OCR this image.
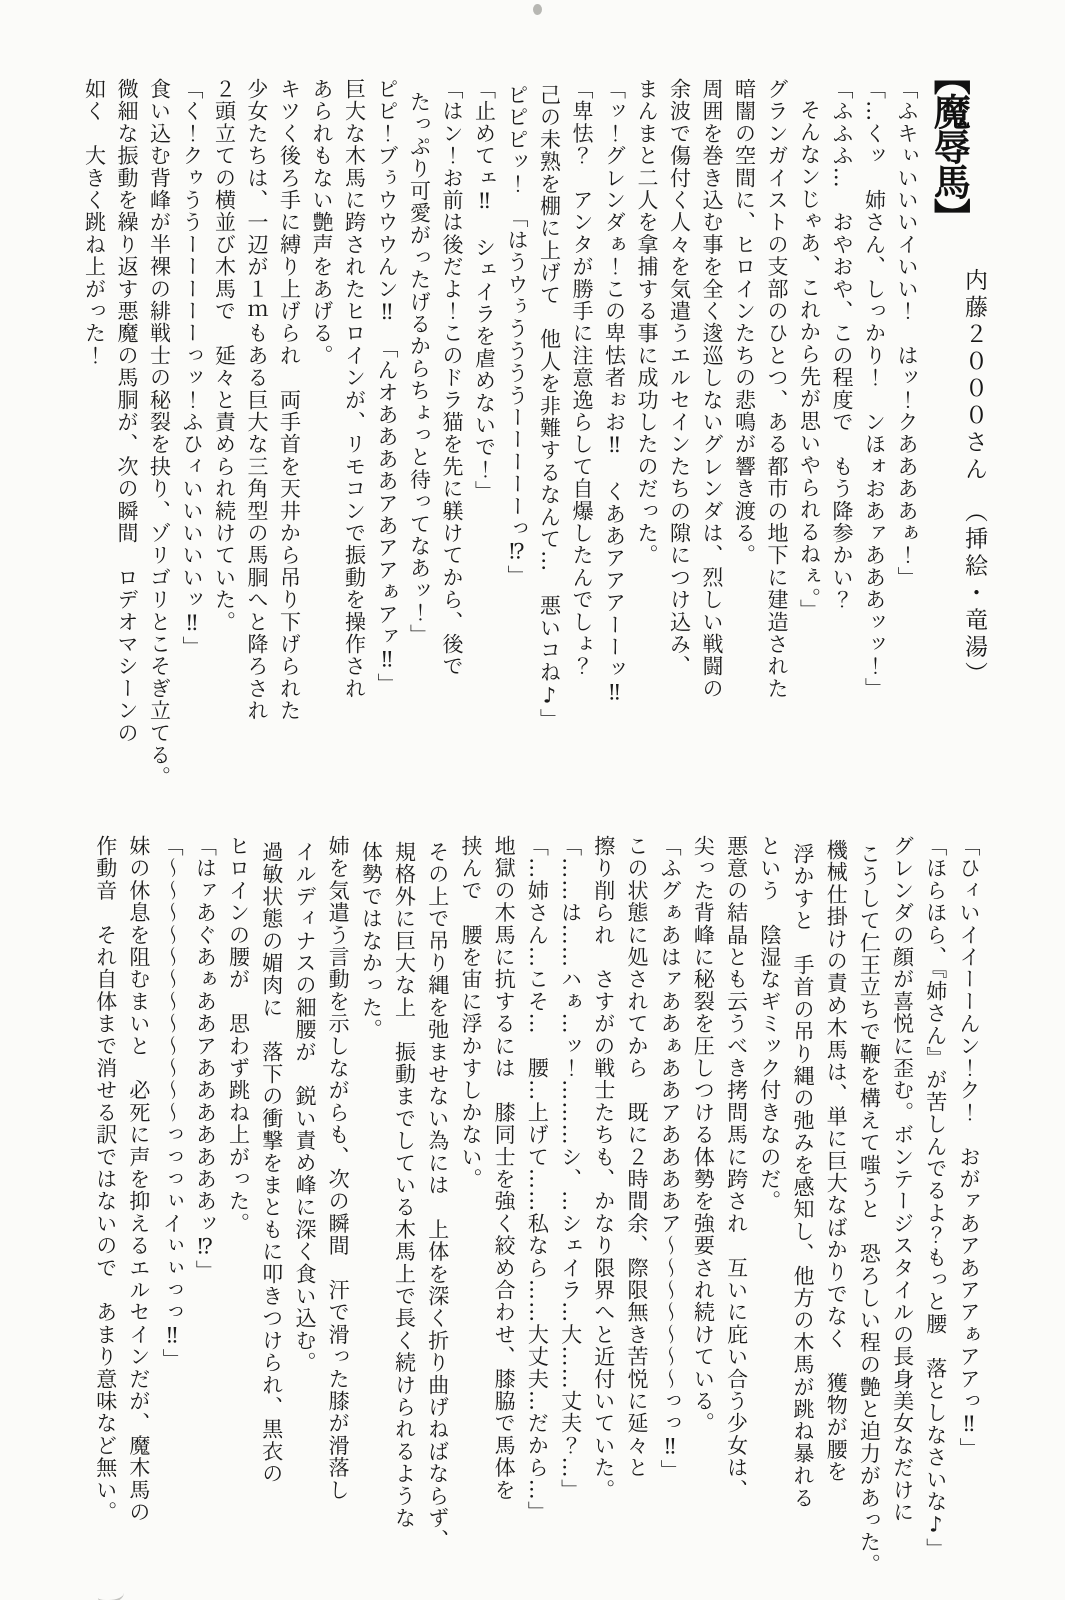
【魔辱馬】
内藤２０００さん　（挿絵・竜湯）

「ふキぃいいいイいい！　はッ！クああああぁ！」

「…くッ　姉さん、しっかり！　ンほォおあァあああッッ！」

「ふふふ…　おやおや、この程度で　もう降参かい？

そんなンじゃあ、これから先が思いやられるねぇ。」

グランガイストの支部のひとつ、ある都市の地下に建造された

暗闇の空間に、ヒロインたちの悲鳴が響き渡る。

周囲を巻き込む事を全く逡巡しないグレンダは、烈しい戦闘の

余波で傷付く人々を気遣うエルセインたちの隙につけ込み、

まんまと二人を拿捕する事に成功したのだった。

「ッ！グレンダぁ！この卑怯者ぉお‼　くああアアアーーッ‼

「卑怯？　アンタが勝手に注意逸らして自爆したんでしょ？

己の未熟を棚に上げて　他人を非難するなんて…　悪いコね♪」

ピピピッ！　「はうウぅううううーーーーーっ⁉」

「止めてェ‼　シェイラを虐めないで！」

「はン！お前は後だよ！このドラ猫を先に躾けてから、後で

たっぷり可愛がったげるからちょっと待ってなあッ！」

ピピ！ブぅウウウんン‼　「んオああああアあアアぁアァ‼」

巨大な木馬に跨されたヒロインが、リモコンで振動を操作され

あられもない艶声をあげる。

キツく後ろ手に縛り上げられ　両手首を天井から吊り下げられた

少女たちは、一辺が１ｍもある巨大な三角型の馬胴へと降ろされ

２頭立ての横並び木馬で　延々と責められ続けていた。

「く！クゥううーーーーーっッ！ふひィいいいいいッ‼」

食い込む背峰が半裸の緋戦士の秘裂を抉り、ゾリゴリとこそぎ立てる。

微細な振動を繰り返す悪魔の馬胴が、次の瞬間　ロデオマシーンの

如く　大きく跳ね上がった！

「ひィいイイーーんン！ク！　おがァあアあアアぁアアっ‼」

「ほらほら、『姉さん』が苦しんでるよ？もっと腰　落としなさいな♪」

グレンダの顔が喜悦に歪む。ボンテージスタイルの長身美女なだけに

こうして仁王立ちで鞭を構えて嗤うと　恐ろしい程の艶と迫力があった。

機械仕掛けの責め木馬は、単に巨大なばかりでなく　獲物が腰を

浮かすと　手首の吊り縄の弛みを感知し、他方の木馬が跳ね暴れる

という　陰湿なギミック付きなのだ。

悪意の結晶とも云うべき拷問馬に跨され　互いに庇い合う少女は、

尖った背峰に秘裂を圧しつける体勢を強要され続けている。

「ふグぁあはァああぁああアああああア～～～～～～～っっ‼」

この状態に処されてから　既に２時間余、際限無き苦悦に延々と

擦り削られ　さすがの戦士たちも、かなり限界へと近付いていた。

「……は……ハぁ…ッ！………シ、…シェイラ…大……丈夫？…」

「…姉さん…こそ…　腰…上げて……私なら……大丈夫…だから…」

地獄の木馬に抗するには　膝同士を強く絞め合わせ、膝脇で馬体を

挟んで　腰を宙に浮かすしかない。

その上で吊り縄を弛ませない為には　上体を深く折り曲げねばならず、

規格外に巨大な上　振動までしている木馬上で長く続けられるような

体勢ではなかった。

姉を気遣う言動を示しながらも、次の瞬間　汗で滑った膝が滑落し

イルディナスの細腰が　鋭い責め峰に深く食い込む。

過敏状態の媚肉に　落下の衝撃をまともに叩きつけられ、黒衣の

ヒロインの腰が　思わず跳ね上がった。

「はァあぐあぁああアあああああああッ⁉」

「～～～～～～～～～～～～っっっぃイぃぃっっ‼」

妹の休息を阻むまいと　必死に声を抑えるエルセインだが、魔木馬の

作動音　それ自体まで消せる訳ではないので　あまり意味など無い。
